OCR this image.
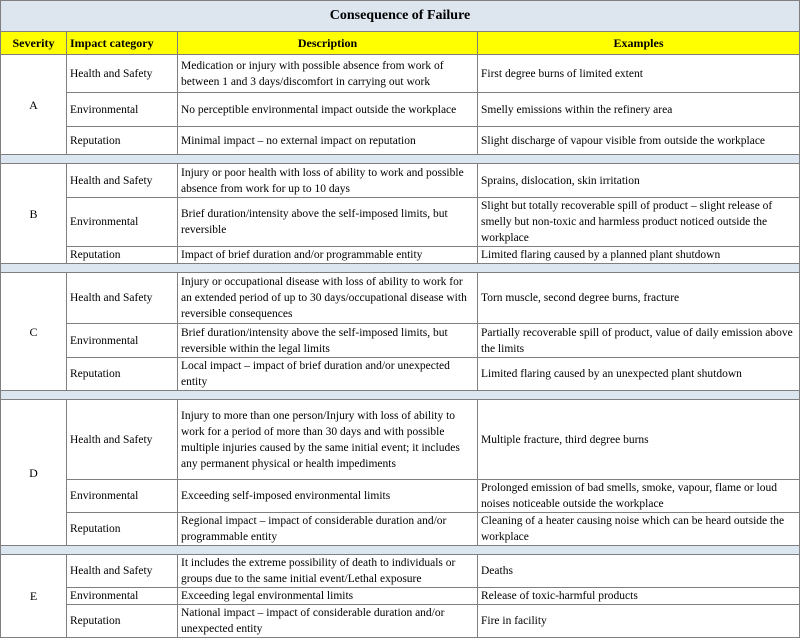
Consequence of Failure			
Severity	Impact category	Description	Examples
A	Health and Safety	Medication or injury with possible absence from work of between 1 and 3 days/discomfort in carrying out work	First degree burns of limited extent
	Environmental	No perceptible environmental impact outside the workplace	Smelly emissions within the refinery area
	Reputation	Minimal impact – no external impact on reputation	Slight discharge of vapour visible from outside the workplace

B	Health and Safety	Injury or poor health with loss of ability to work and possible absence from work for up to 10 days	Sprains, dislocation, skin irritation
	Environmental	Brief duration/intensity above the self-imposed limits, but reversible	Slight but totally recoverable spill of product – slight release of smelly but non-toxic and harmless product noticed outside the workplace
	Reputation	Impact of brief duration and/or programmable entity	Limited flaring caused by a planned plant shutdown

C	Health and Safety	Injury or occupational disease with loss of ability to work for an extended period of up to 30 days/occupational disease with reversible consequences	Torn muscle, second degree burns, fracture
	Environmental	Brief duration/intensity above the self-imposed limits, but reversible within the legal limits	Partially recoverable spill of product, value of daily emission above the limits
	Reputation	Local impact – impact of brief duration and/or unexpected entity	Limited flaring caused by an unexpected plant shutdown

D	Health and Safety	Injury to more than one person/Injury with loss of ability to work for a period of more than 30 days and with possible multiple injuries caused by the same initial event; it includes any permanent physical or health impediments	Multiple fracture, third degree burns
	Environmental	Exceeding self-imposed environmental limits	Prolonged emission of bad smells, smoke, vapour, flame or loud noises noticeable outside the workplace
	Reputation	Regional impact – impact of considerable duration and/or programmable entity	Cleaning of a heater causing noise which can be heard outside the workplace

E	Health and Safety	It includes the extreme possibility of death to individuals or groups due to the same initial event/Lethal exposure	Deaths
	Environmental	Exceeding legal environmental limits	Release of toxic-harmful products
	Reputation	National impact – impact of considerable duration and/or unexpected entity	Fire in facility
